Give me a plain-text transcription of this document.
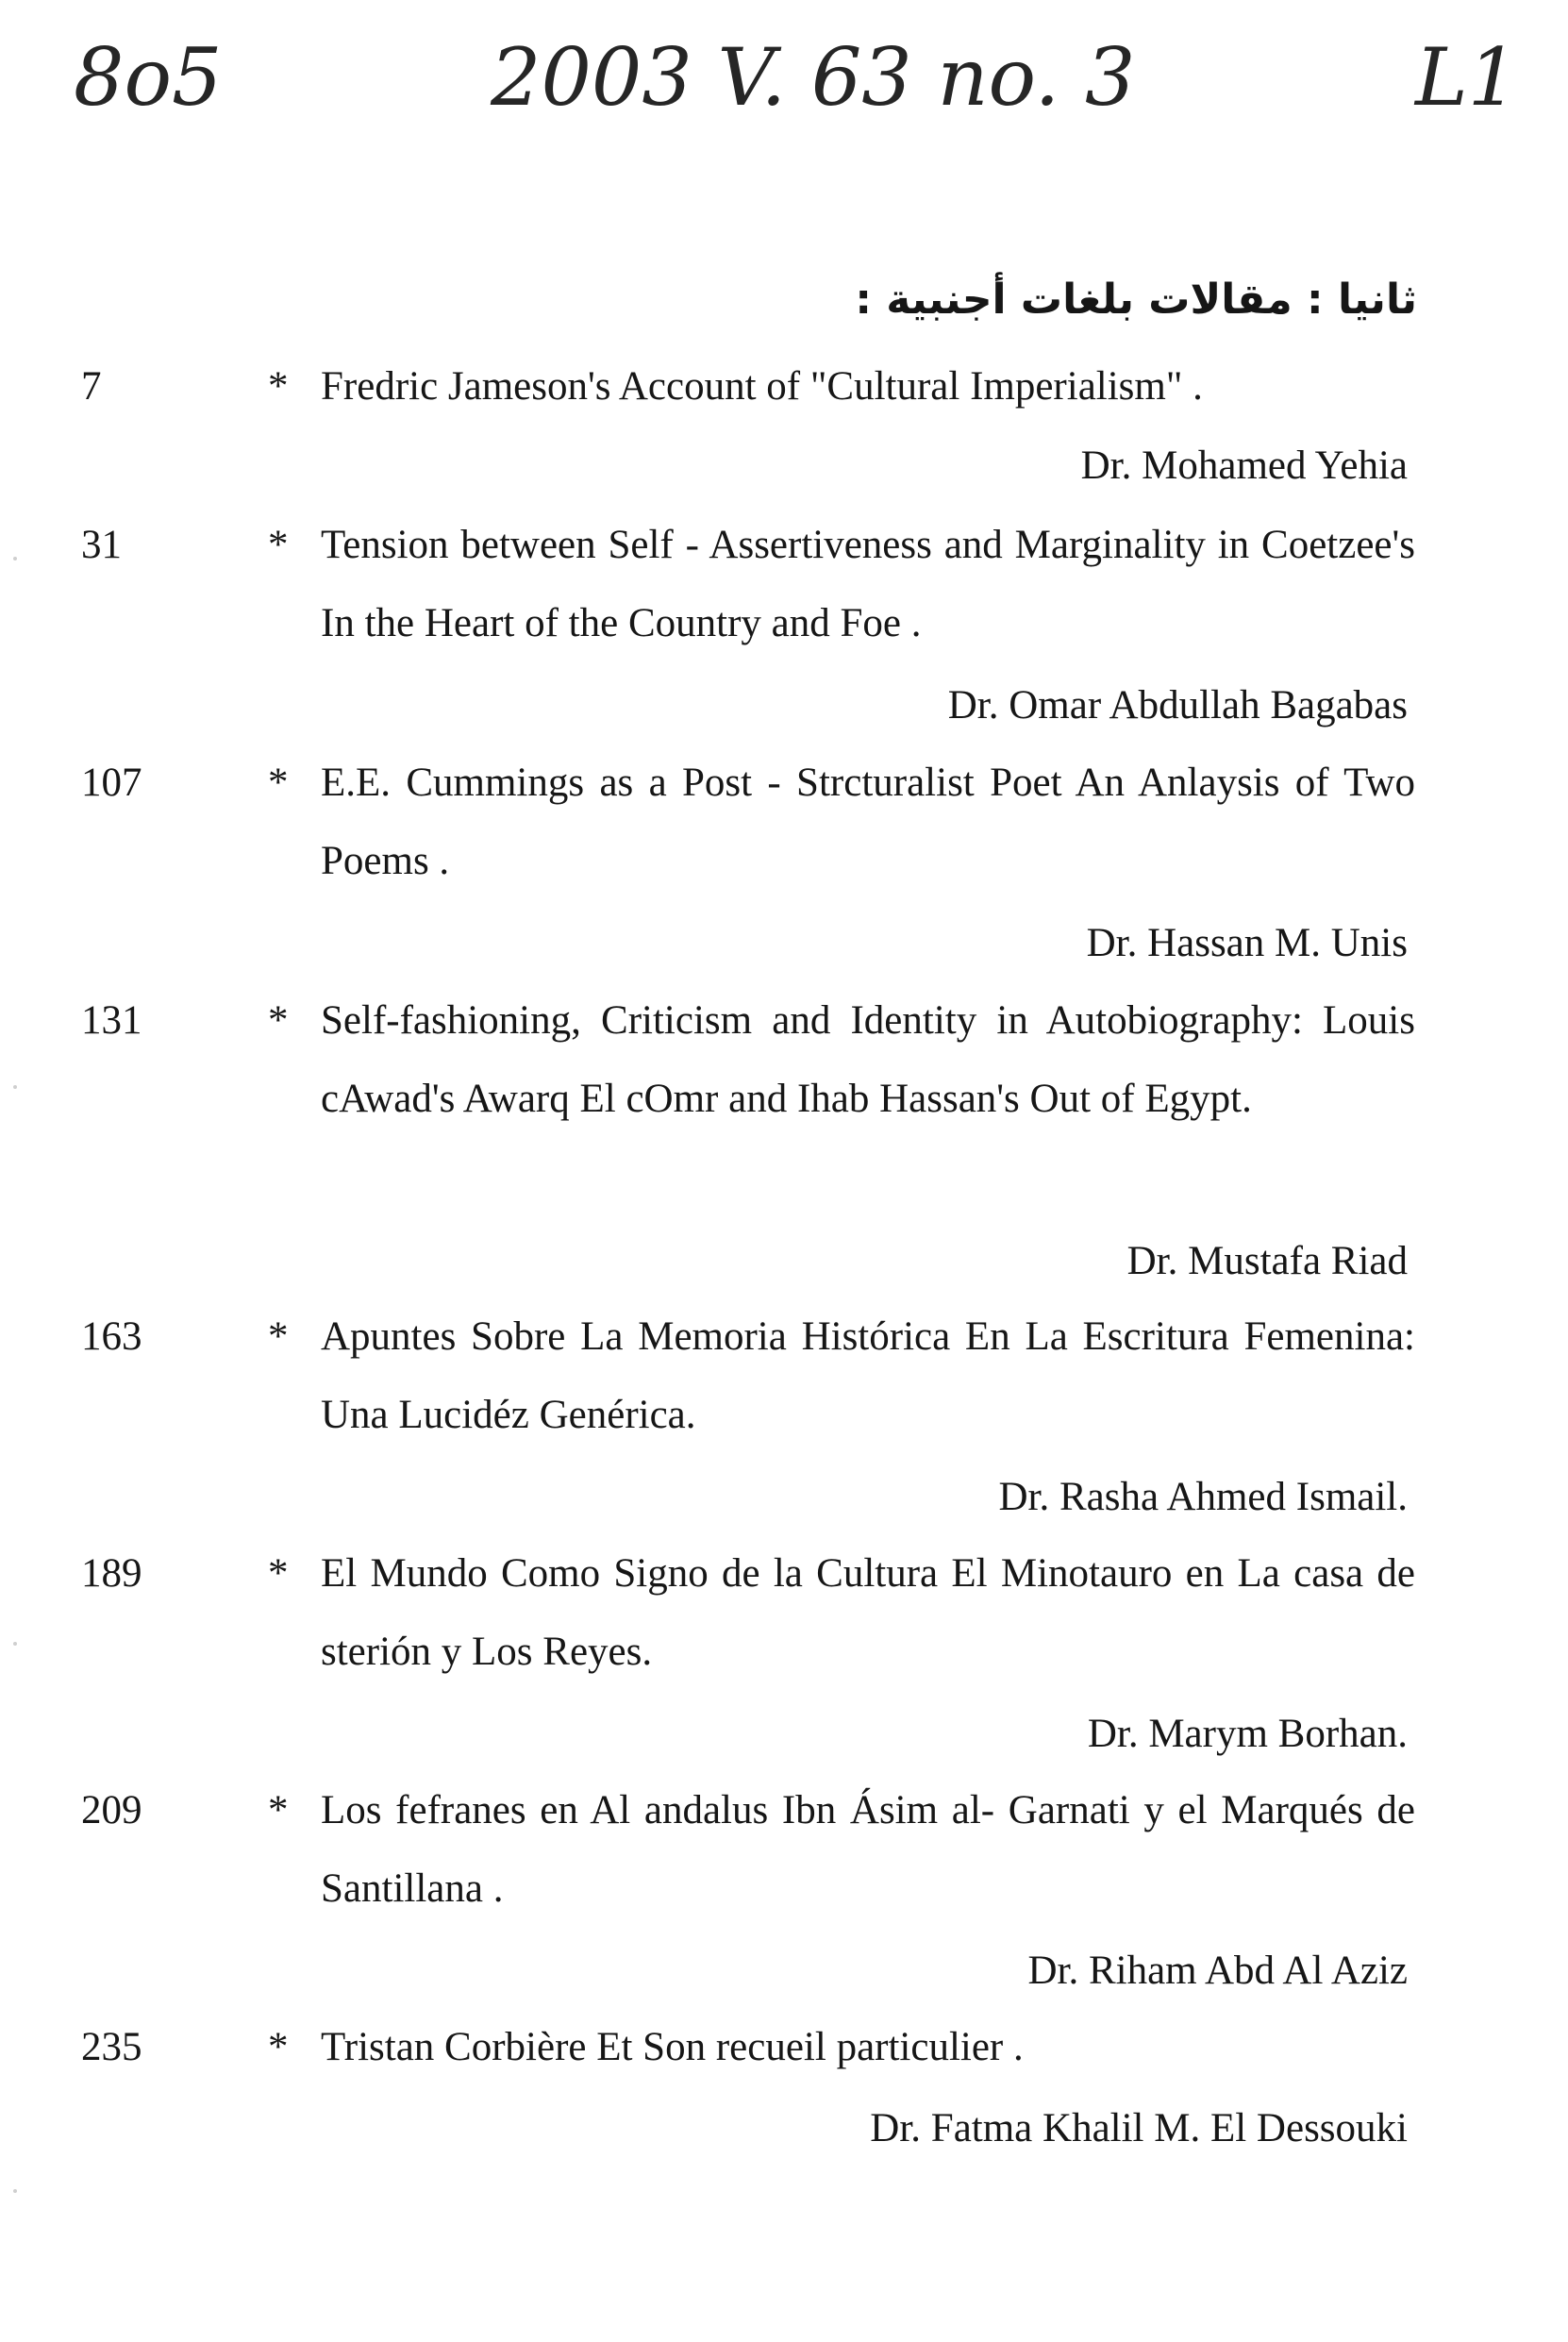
8o5	2003 V. 63 no. 3	L1
ثانيا : مقالات بلغات أجنبية :
7	* Fredric Jameson's Account of "Cultural Imperialism" .
Dr. Mohamed Yehia
31	* Tension between Self - Assertiveness and Marginality in Coetzee's In the Heart of the Country and Foe .
Dr. Omar Abdullah Bagabas
107	* E.E. Cummings as a Post - Strcturalist Poet An Anlaysis of Two Poems .
Dr. Hassan M. Unis
131	* Self-fashioning, Criticism and Identity in Autobiography: Louis cAwad's Awarq El cOmr and Ihab Hassan's Out of Egypt.
Dr. Mustafa Riad
163	* Apuntes Sobre La Memoria Histórica En La Escritura Femenina: Una Lucidéz Genérica.
Dr. Rasha Ahmed Ismail.
189	* El Mundo Como Signo de la Cultura El Minotauro en La casa de sterión y Los Reyes.
Dr. Marym Borhan.
209	* Los fefranes en Al andalus Ibn Ásim al- Garnati y el Marqués de Santillana .
Dr. Riham Abd Al Aziz
235	* Tristan Corbière Et Son recueil particulier .
Dr. Fatma Khalil M. El Dessouki
